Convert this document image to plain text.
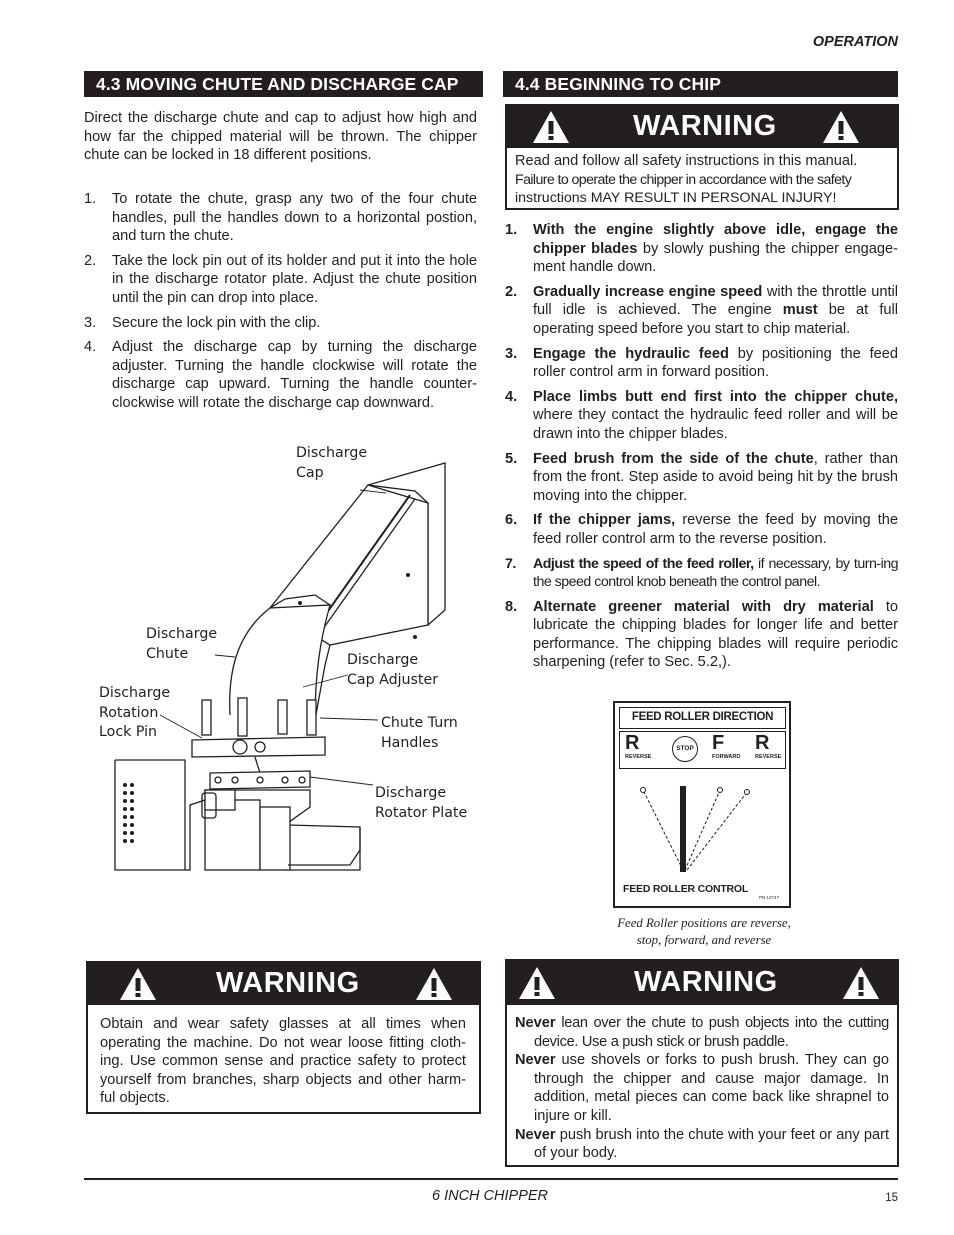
OPERATION
4.3 MOVING CHUTE AND DISCHARGE CAP
Direct the discharge chute and cap to adjust how high and how far the chipped material will be thrown. The chipper chute can be locked in 18 different positions.
1. To rotate the chute, grasp any two of the four chute handles, pull the handles down to a horizontal postion, and turn the chute.
2. Take the lock pin out of its holder and put it into the hole in the discharge rotator plate. Adjust the chute position until the pin can drop into place.
3. Secure the lock pin with the clip.
4. Adjust the discharge cap by turning the discharge adjuster. Turning the handle clockwise will rotate the discharge cap upward. Turning the handle counter-clockwise will rotate the discharge cap downward.
Discharge
Cap
Discharge
Chute	Discharge
Cap Adjuster
Discharge
Rotation
Lock Pin
Chute Turn
Handles
Discharge
Rotator Plate
4.4 BEGINNING TO CHIP
WARNING
Read and follow all safety instructions in this manual.
Failure to operate the chipper in accordance with the safety
instructions MAY RESULT IN PERSONAL INJURY!
1. With the engine slightly above idle, engage the chipper blades by slowly pushing the chipper engage-ment handle down.
2. Gradually increase engine speed with the throttle until full idle is achieved. The engine must be at full operating speed before you start to chip material.
3. Engage the hydraulic feed by positioning the feed roller control arm in forward position.
4. Place limbs butt end first into the chipper chute, where they contact the hydraulic feed roller and will be drawn into the chipper blades.
5. Feed brush from the side of the chute, rather than from the front. Step aside to avoid being hit by the brush moving into the chipper.
6. If the chipper jams, reverse the feed by moving the feed roller control arm to the reverse position.
7. Adjust the speed of the feed roller, if necessary, by turn-ing the speed control knob beneath the control panel.
8. Alternate greener material with dry material to lubricate the chipping blades for longer life and better performance. The chipping blades will require periodic sharpening (refer to Sec. 5.2,).
FEED ROLLER DIRECTION
R
REVERSE
STOP F
FORWARD
R
REVERSE
FEED ROLLER CONTROL
PN 12747
Feed Roller positions are reverse,
stop, forward, and reverse
WARNING
Obtain and wear safety glasses at all times when operating the machine. Do not wear loose fitting cloth-ing. Use common sense and practice safety to protect yourself from branches, sharp objects and other harm-ful objects.
WARNING
Never lean over the chute to push objects into the cutting device. Use a push stick or brush paddle.
Never use shovels or forks to push brush. They can go through the chipper and cause major damage. In addition, metal pieces can come back like shrapnel to injure or kill.
Never push brush into the chute with your feet or any part of your body.
6 INCH CHIPPER	15
